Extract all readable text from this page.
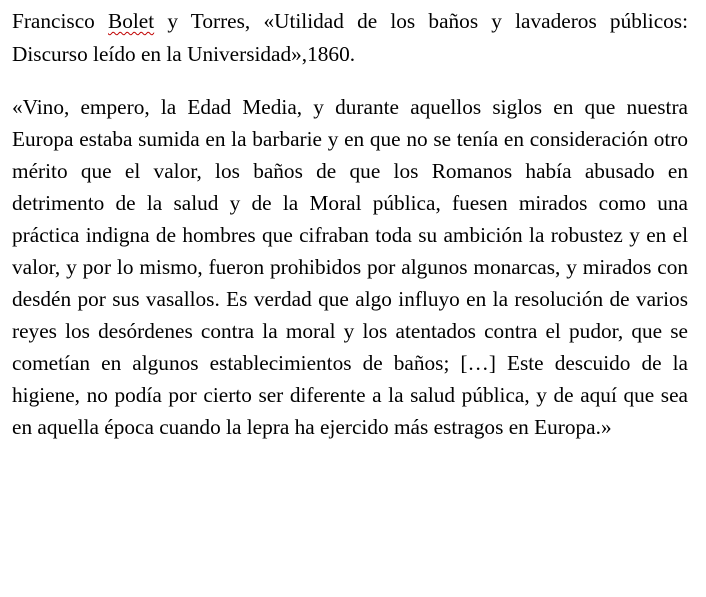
Francisco Bolet y Torres, «Utilidad de los baños y lavaderos públicos: Discurso leído en la Universidad»,1860.

«Vino, empero, la Edad Media, y durante aquellos siglos en que nuestra Europa estaba sumida en la barbarie y en que no se tenía en consideración otro mérito que el valor, los baños de que los Romanos había abusado en detrimento de la salud y de la Moral pública, fuesen mirados como una práctica indigna de hombres que cifraban toda su ambición la robustez y en el valor, y por lo mismo, fueron prohibidos por algunos monarcas, y mirados con desdén por sus vasallos. Es verdad que algo influyo en la resolución de varios reyes los desórdenes contra la moral y los atentados contra el pudor, que se cometían en algunos establecimientos de baños; […] Este descuido de la higiene, no podía por cierto ser diferente a la salud pública, y de aquí que sea en aquella época cuando la lepra ha ejercido más estragos en Europa.»
